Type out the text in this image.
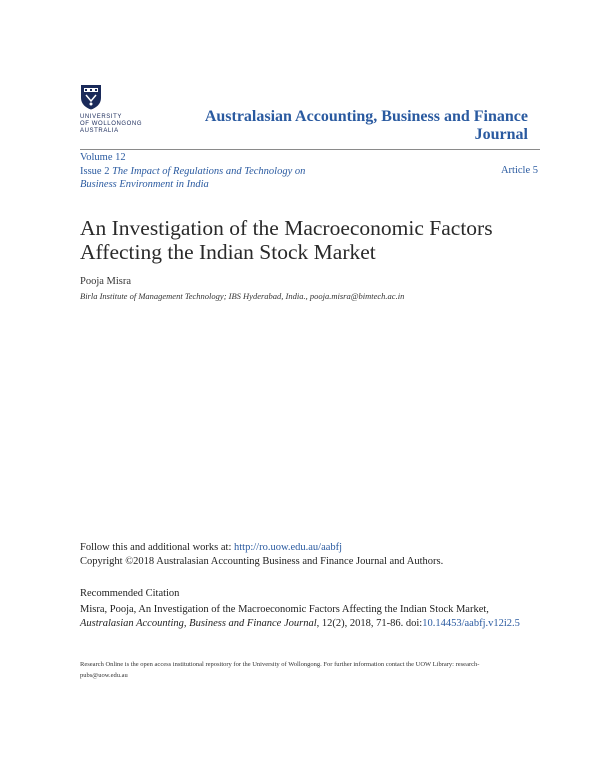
UNIVERSITY
OF WOLLONGONG
AUSTRALIA
Australasian Accounting, Business and Finance Journal
Volume 12
Issue 2 The Impact of Regulations and Technology on Business Environment in India
Article 5
An Investigation of the Macroeconomic Factors Affecting the Indian Stock Market
Pooja Misra
Birla Institute of Management Technology; IBS Hyderabad, India., pooja.misra@bimtech.ac.in
Follow this and additional works at: http://ro.uow.edu.au/aabfj
Copyright ©2018 Australasian Accounting Business and Finance Journal and Authors.
Recommended Citation
Misra, Pooja, An Investigation of the Macroeconomic Factors Affecting the Indian Stock Market,
Australasian Accounting, Business and Finance Journal, 12(2), 2018, 71-86. doi:10.14453/aabfj.v12i2.5
Research Online is the open access institutional repository for the University of Wollongong. For further information contact the UOW Library: research-pubs@uow.edu.au
